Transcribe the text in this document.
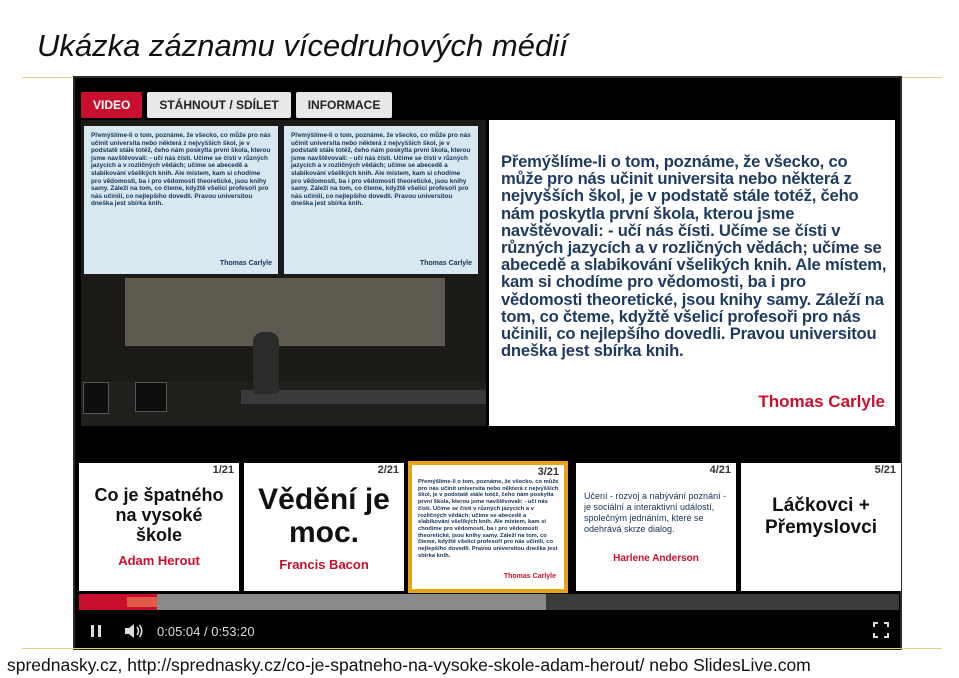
Ukázka záznamu vícedruhových médií
VIDEO	STÁHNOUT / SDÍLET	INFORMACE
Přemýšlíme-li o tom, poznáme, že všecko, co může pro nás učinit universita nebo některá z nejvyšších škol, je v podstatě stále totéž, čeho nám poskytla první škola, kterou jsme navštěvovali: - učí nás čísti. Učíme se čísti v různých jazycích a v rozličných vědách; učíme se abecedě a slabikování všelikých knih. Ale místem, kam si chodíme pro vědomosti, ba i pro vědomosti theoretické, jsou knihy samy. Záleží na tom, co čteme, kdyžtě všelicí profesoři pro nás učinili, co nejlepšího dovedli. Pravou universitou dneška jest sbírka knih.
Thomas Carlyle
Přemýšlíme-li o tom, poznáme, že všecko, co může pro nás učinit universita nebo některá z nejvyšších škol, je v podstatě stále totéž, čeho nám poskytla první škola, kterou jsme navštěvovali: - učí nás čísti. Učíme se čísti v různých jazycích a v rozličných vědách; učíme se abecedě a slabikování všelikých knih. Ale místem, kam si chodíme pro vědomosti, ba i pro vědomosti theoretické, jsou knihy samy. Záleží na tom, co čteme, kdyžtě všelicí profesoři pro nás učinili, co nejlepšího dovedli. Pravou universitou dneška jest sbírka knih.
Thomas Carlyle
Přemýšlíme-li o tom, poznáme, že všecko, co může pro nás učinit universita nebo některá z nejvyšších škol, je v podstatě stále totéž, čeho nám poskytla první škola, kterou jsme navštěvovali: - učí nás čísti. Učíme se čísti v různých jazycích a v rozličných vědách; učíme se abecedě a slabikování všelikých knih. Ale místem, kam si chodíme pro vědomosti, ba i pro vědomosti theoretické, jsou knihy samy. Záleží na tom, co čteme, kdyžtě všelicí profesoři pro nás učinili, co nejlepšího dovedli. Pravou universitou dneška jest sbírka knih.
Thomas Carlyle
1/21
Co je špatného na vysoké škole
Adam Herout
2/21
Vědění je moc.
Francis Bacon
3/21
Přemýšlíme-li o tom, poznáme, že všecko, co může pro nás učinit universita nebo některá z nejvyšších škol, je v podstatě stále totéž, čeho nám poskytla první škola, kterou jsme navštěvovali: - učí nás čísti. Učíme se čísti v různých jazycích a v rozličných vědách; učíme se abecedě a slabikování všelikých knih. Ale místem, kam si chodíme pro vědomosti, ba i pro vědomosti theoretické, jsou knihy samy. Záleží na tom, co čteme, kdyžtě všelicí profesoři pro nás učinili, co nejlepšího dovedli. Pravou universitou dneška jest sbírka knih.
Thomas Carlyle
4/21
Učení - rozvoj a nabývání poznání - je sociální a interaktivní událostí, společným jednáním, které se odehrává skrze dialog.
Harlene Anderson
5/21
Láčkovci + Přemyslovci
0:05:04 / 0:53:20
sprednasky.cz, http://sprednasky.cz/co-je-spatneho-na-vysoke-skole-adam-herout/ nebo SlidesLive.com
